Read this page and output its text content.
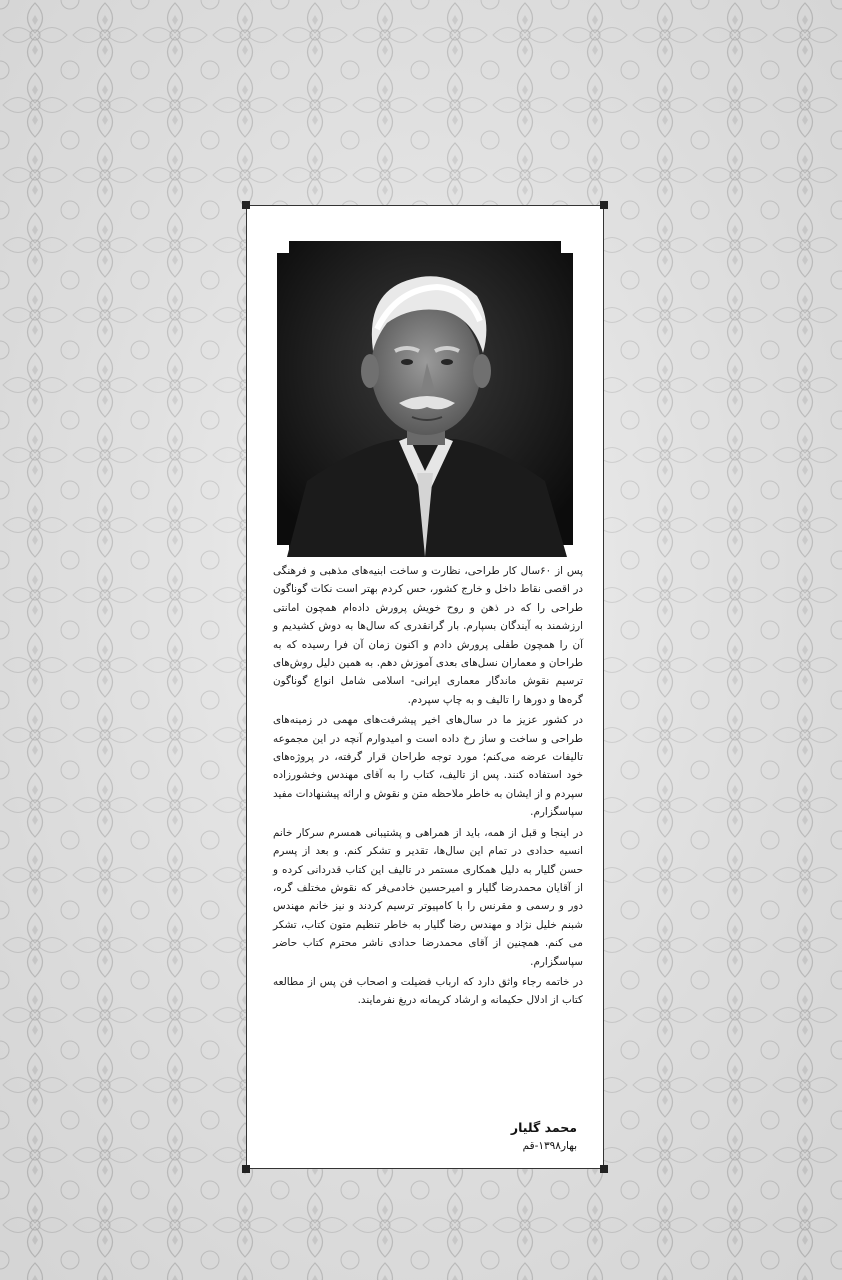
پس از ۶۰سال کار طراحی، نظارت و ساخت ابنیه‌های مذهبی و فرهنگی در اقصی نقاط داخل و خارج کشور، حس کردم بهتر است نکات گوناگون طراحی را که در ذهن و روح خویش پرورش داده‌ام همچون امانتی ارزشمند به آیندگان بسپارم. بار گرانقدری که سال‌ها به دوش کشیدیم و آن را همچون طفلی پرورش دادم و اکنون زمان آن فرا رسیده که به طراحان و معماران نسل‌های بعدی آموزش دهم. به همین دلیل روش‌های ترسیم نقوش ماندگار معماری ایرانی- اسلامی شامل انواع گوناگون گره‌ها و دورها را تالیف و به چاپ سپردم.

در کشور عزیز ما در سال‌های اخیر پیشرفت‌های مهمی در زمینه‌های طراحی و ساخت و ساز رخ داده است و امیدوارم آنچه در این مجموعه تالیفات عرضه می‌کنم؛ مورد توجه طراحان قرار گرفته، در پروژه‌های خود استفاده کنند. پس از تالیف، کتاب را به آقای مهندس وخشورزاده سپردم و از ایشان به خاطر ملاحظه متن و نقوش و ارائه پیشنهادات مفید سپاسگزارم.

در اینجا و قبل از همه، باید از همراهی و پشتیبانی همسرم سرکار خانم انسیه حدادی در تمام این سال‌ها، تقدیر و تشکر کنم. و بعد از پسرم حسن گلیار به دلیل همکاری مستمر در تالیف این کتاب قدردانی کرده و از آقایان محمدرضا گلیار و امیرحسین خادمی‌فر که نقوش مختلف گره، دور و رسمی و مقرنس را با کامپیوتر ترسیم کردند و نیز خانم مهندس شبنم خلیل نژاد و مهندس رضا گلیار به خاطر تنظیم متون کتاب، تشکر می کنم. همچنین از آقای محمدرضا حدادی ناشر محترم کتاب حاضر سپاسگزارم.

در خاتمه رجاء واثق دارد که ارباب فضیلت و اصحاب فن پس از مطالعه کتاب از ادلال حکیمانه و ارشاد کریمانه دریغ نفرمایند.

محمد گلیار
بهار۱۳۹۸-قم
